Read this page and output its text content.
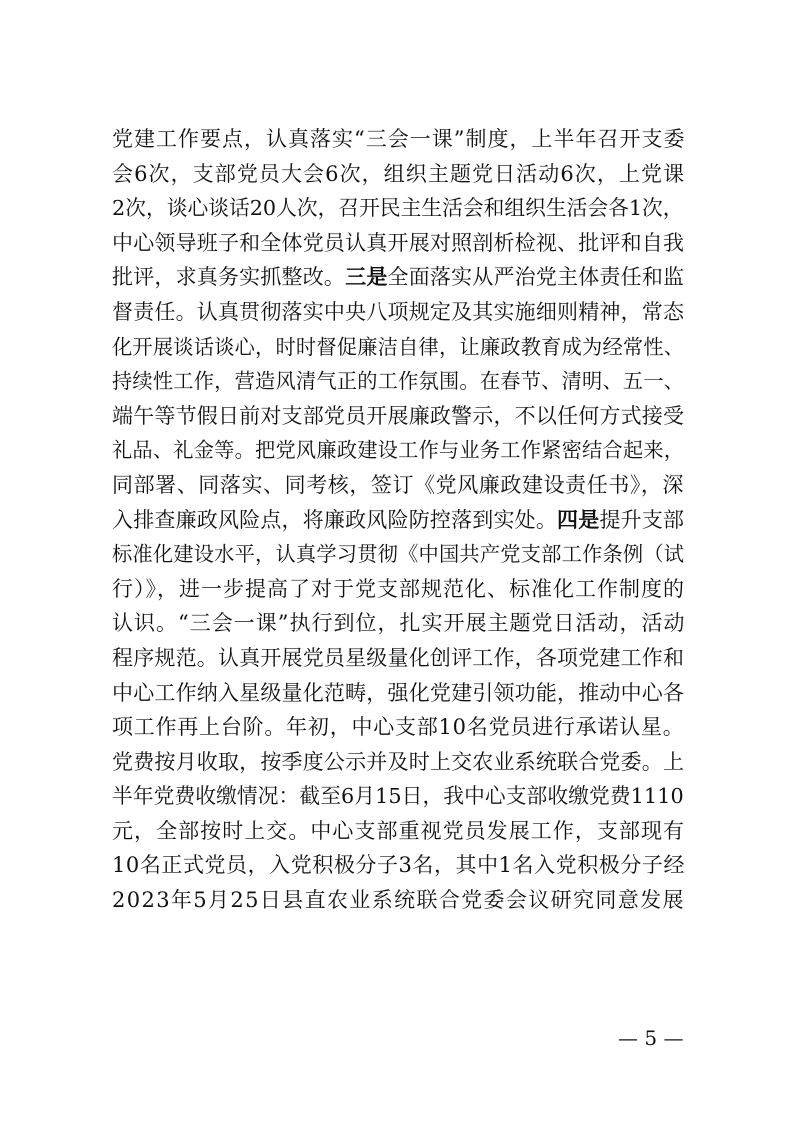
党建工作要点，认真落实“三会一课”制度，上半年召开支委
会6次，支部党员大会6次，组织主题党日活动6次，上党课
2次，谈心谈话20人次，召开民主生活会和组织生活会各1次，
中心领导班子和全体党员认真开展对照剖析检视、批评和自我
批评，求真务实抓整改。三是全面落实从严治党主体责任和监
督责任。认真贯彻落实中央八项规定及其实施细则精神，常态
化开展谈话谈心，时时督促廉洁自律，让廉政教育成为经常性、
持续性工作，营造风清气正的工作氛围。在春节、清明、五一、
端午等节假日前对支部党员开展廉政警示，不以任何方式接受
礼品、礼金等。把党风廉政建设工作与业务工作紧密结合起来，
同部署、同落实、同考核，签订《党风廉政建设责任书》，深
入排查廉政风险点，将廉政风险防控落到实处。四是提升支部
标准化建设水平，认真学习贯彻《中国共产党支部工作条例（试
行）》，进一步提高了对于党支部规范化、标准化工作制度的
认识。“三会一课”执行到位，扎实开展主题党日活动，活动
程序规范。认真开展党员星级量化创评工作，各项党建工作和
中心工作纳入星级量化范畴，强化党建引领功能，推动中心各
项工作再上台阶。年初，中心支部10名党员进行承诺认星。
党费按月收取，按季度公示并及时上交农业系统联合党委。上
半年党费收缴情况：截至6月15日，我中心支部收缴党费1110
元，全部按时上交。中心支部重视党员发展工作，支部现有
10名正式党员，入党积极分子3名，其中1名入党积极分子经
2023年5月25日县直农业系统联合党委会议研究同意发展
— 5 —
